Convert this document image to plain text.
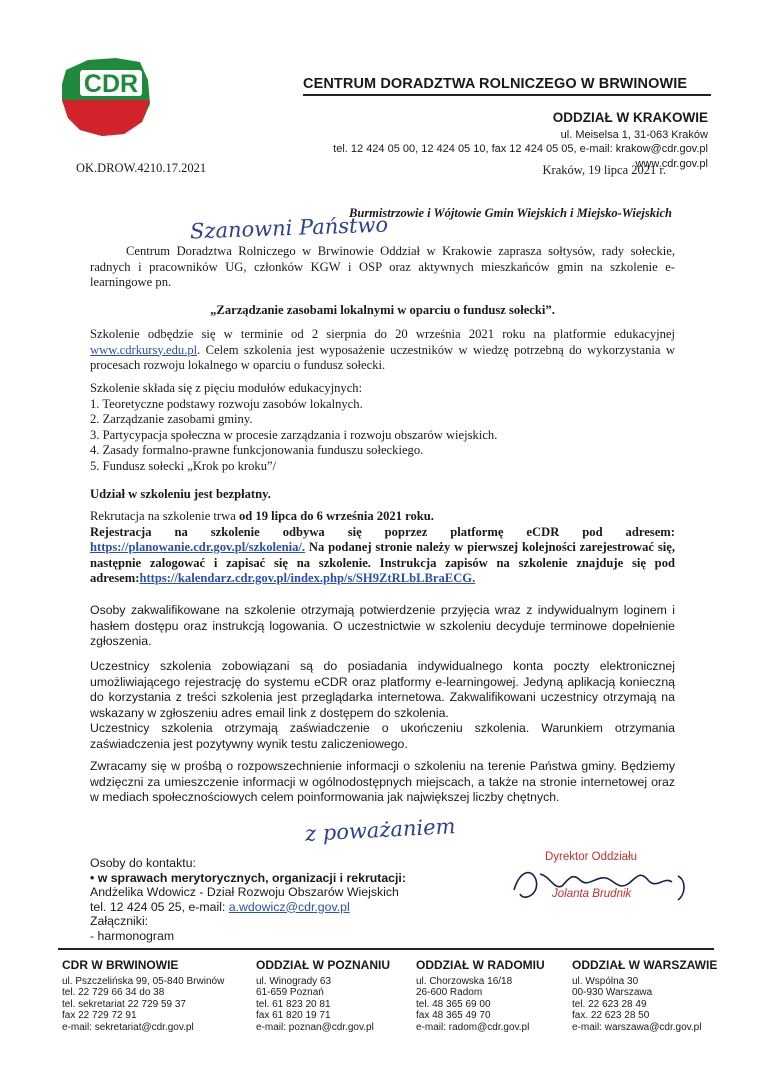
CDR	CENTRUM DORADZTWA ROLNICZEGO W BRWINOWIE
ODDZIAŁ W KRAKOWIE
ul. Meiselsa 1, 31-063 Kraków
tel. 12 424 05 00, 12 424 05 10, fax 12 424 05 05, e-mail: krakow@cdr.gov.pl
www.cdr.gov.pl
OK.DROW.4210.17.2021	Kraków, 19 lipca 2021 r.
Burmistrzowie i Wójtowie Gmin Wiejskich i Miejsko-Wiejskich
Szanowni Państwo

Centrum Doradztwa Rolniczego w Brwinowie Oddział w Krakowie zaprasza sołtysów, rady sołeckie, radnych i pracowników UG, członków KGW i OSP oraz aktywnych mieszkańców gmin na szkolenie e-learningowe pn.

„Zarządzanie zasobami lokalnymi w oparciu o fundusz sołecki”.

Szkolenie odbędzie się w terminie od 2 sierpnia do 20 września 2021 roku na platformie edukacyjnej www.cdrkursy.edu.pl. Celem szkolenia jest wyposażenie uczestników w wiedzę potrzebną do wykorzystania w procesach rozwoju lokalnego w oparciu o fundusz sołecki.

Szkolenie składa się z pięciu modułów edukacyjnych:

1. Teoretyczne podstawy rozwoju zasobów lokalnych.
2. Zarządzanie zasobami gminy.
3. Partycypacja społeczna w procesie zarządzania i rozwoju obszarów wiejskich.
4. Zasady formalno-prawne funkcjonowania funduszu sołeckiego.
5. Fundusz sołecki „Krok po kroku”/
Udział w szkoleniu jest bezpłatny.

Rekrutacja na szkolenie trwa od 19 lipca do 6 września 2021 roku.

Rejestracja na szkolenie odbywa się poprzez platformę eCDR pod adresem: https://planowanie.cdr.gov.pl/szkolenia/. Na podanej stronie należy w pierwszej kolejności zarejestrować się, następnie zalogować i zapisać się na szkolenie. Instrukcja zapisów na szkolenie znajduje się pod adresem:https://kalendarz.cdr.gov.pl/index.php/s/SH9ZtRLbLBraECG.

Osoby zakwalifikowane na szkolenie otrzymają potwierdzenie przyjęcia wraz z indywidualnym loginem i hasłem dostępu oraz instrukcją logowania. O uczestnictwie w szkoleniu decyduje terminowe dopełnienie zgłoszenia.
Uczestnicy szkolenia zobowiązani są do posiadania indywidualnego konta poczty elektronicznej umożliwiającego rejestrację do systemu eCDR oraz platformy e-learningowej. Jedyną aplikacją konieczną do korzystania z treści szkolenia jest przeglądarka internetowa. Zakwalifikowani uczestnicy otrzymają na wskazany w zgłoszeniu adres email link z dostępem do szkolenia.
Uczestnicy szkolenia otrzymają zaświadczenie o ukończeniu szkolenia. Warunkiem otrzymania zaświadczenia jest pozytywny wynik testu zaliczeniowego.
Zwracamy się w prośbą o rozpowszechnienie informacji o szkoleniu na terenie Państwa gminy. Będziemy wdzięczni za umieszczenie informacji w ogólnodostępnych miejscach, a także na stronie internetowej oraz w mediach społecznościowych celem poinformowania jak największej liczby chętnych.
z poważaniem
Osoby do kontaktu:
• w sprawach merytorycznych, organizacji i rekrutacji:
Andżelika Wdowicz - Dział Rozwoju Obszarów Wiejskich
tel. 12 424 05 25, e-mail: a.wdowicz@cdr.gov.pl
Załączniki:
- harmonogram
Dyrektor Oddziału
Jolanta Brudnik
CDR W BRWINOWIE
ul. Pszczelińska 99, 05-840 Brwinów
tel. 22 729 66 34 do 38
tel. sekretariat 22 729 59 37
fax 22 729 72 91
e-mail: sekretariat@cdr.gov.pl
ODDZIAŁ W POZNANIU
ul. Winogrady 63
61-659 Poznań
tel. 61 823 20 81
fax 61 820 19 71
e-mail: poznan@cdr.gov.pl
ODDZIAŁ W RADOMIU
ul. Chorzowska 16/18
26-600 Radom
tel. 48 365 69 00
fax 48 365 49 70
e-mail: radom@cdr.gov.pl
ODDZIAŁ W WARSZAWIE
ul. Wspólna 30
00-930 Warszawa
tel. 22 623 28 49
fax. 22 623 28 50
e-mail: warszawa@cdr.gov.pl
